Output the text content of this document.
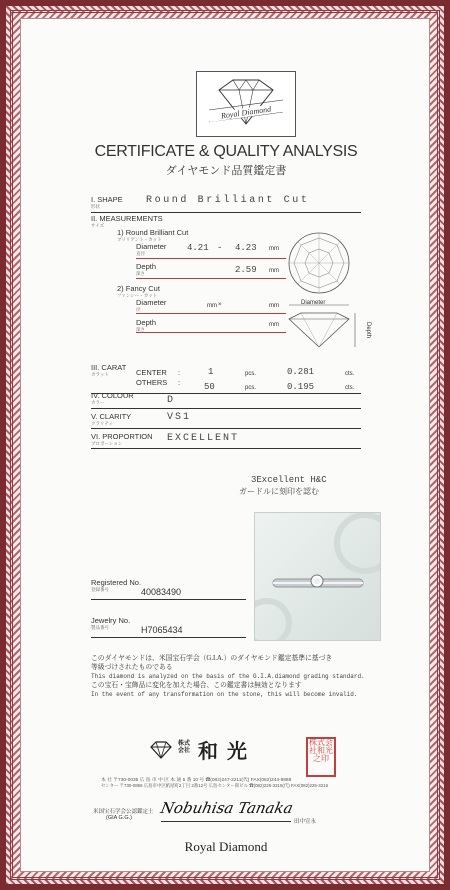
Royal Diamond
CERTIFICATE & QUALITY ANALYSIS
ダイヤモンド品質鑑定書
I. SHAPE
形状
Round Brilliant Cut
II. MEASUREMENTS
サイズ
1) Round Brilliant Cut
ブリリアント・カット
Diameter
直径
4.21 - 4.23 mm
Depth
深さ	2.59 mm
2) Fancy Cut
ファンシー・カット
Diameter
径
mm ×	mm
Depth
深さ
mm
Diameter
Depth
III. CARAT
カラット	CENTER :	1	pcs.	0.281	cts.
OTHERS :	50	pcs.	0.195	cts.
IV. COLOUR
カラー	D
V. CLARITY
クラリティ
VS1
VI. PROPORTION
プロポーション	EXCELLENT
3Excellent H&C
ガードルに刻印を認む
Registered No.
登録番号	40083490
Jewelry No.
製品番号	H7065434
このダイヤモンドは、米国宝石学会（G.I.A.）のダイヤモンド鑑定基準に基づき
等級づけされたものである
This diamond is analyzed on the basis of the G.I.A.diamond grading standard.
この宝石・宝飾品に変化を加えた場合、この鑑定書は無効となります
In the event of any transformation on the stone, this will become invalid.
株式会社 和 光	株式会社和光之印
本 社 〒730-0035 広 島 市 中 区 本 通 5 番 10 号 ☎(082)247-2211(代) FAX(082)244-9888
センター 〒730-0856 広島市中区紙屋町2丁目 2番12号 広島センター街ビル ☎(082)225-3215(代) FAX(082)225-3216
米国宝石学会公認鑑定士
(GIA G.G.)
Nobuhisa Tanaka
田中宣永
Royal Diamond
